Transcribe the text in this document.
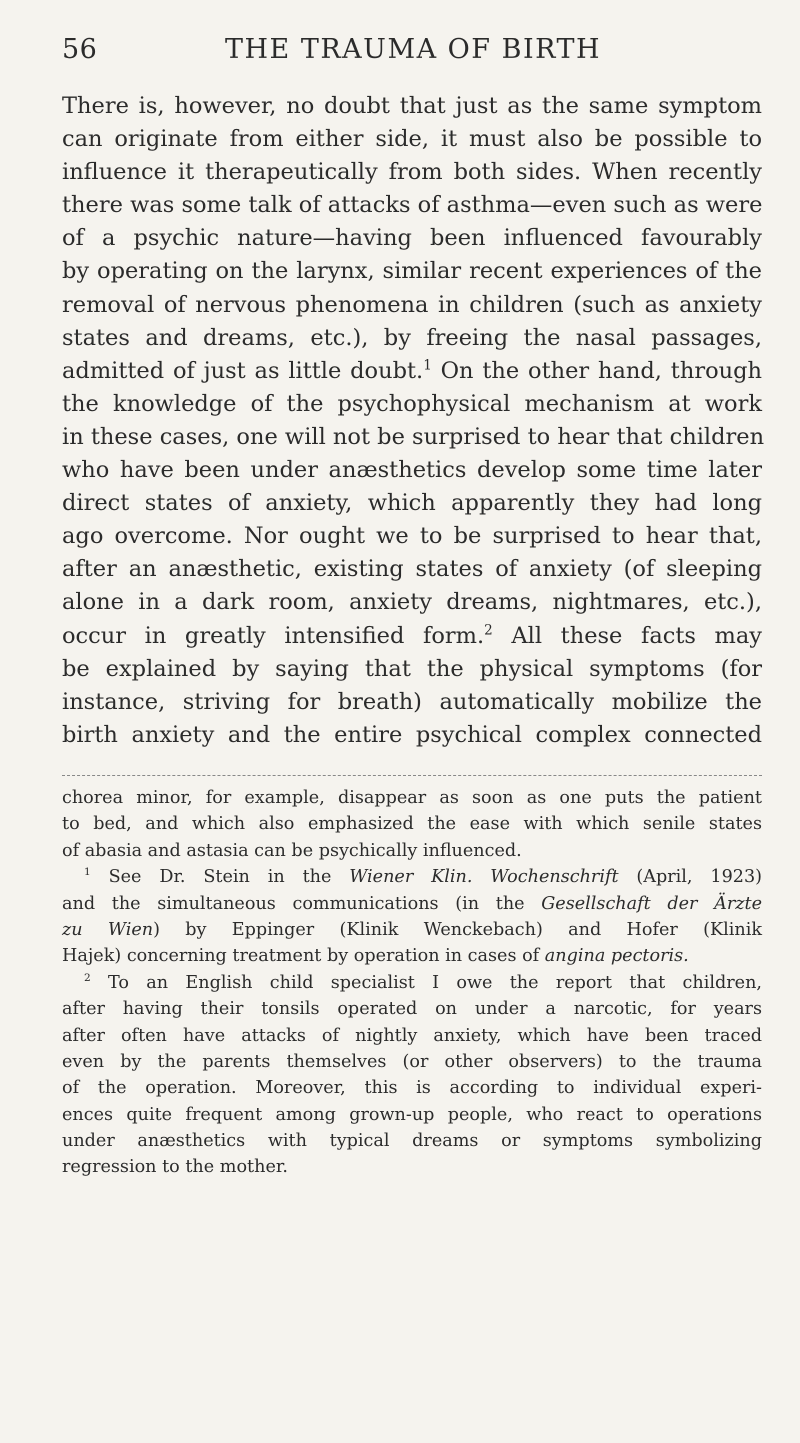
56	THE TRAUMA OF BIRTH
There is, however, no doubt that just as the same symptom
can originate from either side, it must also be possible to
influence it therapeutically from both sides. When recently
there was some talk of attacks of asthma—even such as were
of a psychic nature—having been influenced favourably
by operating on the larynx, similar recent experiences of the
removal of nervous phenomena in children (such as anxiety
states and dreams, etc.), by freeing the nasal passages,
admitted of just as little doubt.$^1$ On the other hand, through
the knowledge of the psychophysical mechanism at work
in these cases, one will not be surprised to hear that children
who have been under anæsthetics develop some time later
direct states of anxiety, which apparently they had long
ago overcome. Nor ought we to be surprised to hear that,
after an anæsthetic, existing states of anxiety (of sleeping
alone in a dark room, anxiety dreams, nightmares, etc.),
occur in greatly intensified form.$^2$ All these facts may
be explained by saying that the physical symptoms (for
instance, striving for breath) automatically mobilize the
birth anxiety and the entire psychical complex connected
chorea minor, for example, disappear as soon as one puts the patient
to bed, and which also emphasized the ease with which senile states
of abasia and astasia can be psychically influenced.
$^1$ See Dr. Stein in the Wiener Klin. Wochenschrift (April, 1923)
and the simultaneous communications (in the Gesellschaft der Ärzte
zu Wien) by Eppinger (Klinik Wenckebach) and Hofer (Klinik
Hajek) concerning treatment by operation in cases of angina pectoris.
$^2$ To an English child specialist I owe the report that children,
after having their tonsils operated on under a narcotic, for years
after often have attacks of nightly anxiety, which have been traced
even by the parents themselves (or other observers) to the trauma
of the operation. Moreover, this is according to individual experi-
ences quite frequent among grown-up people, who react to operations
under anæsthetics with typical dreams or symptoms symbolizing
regression to the mother.
